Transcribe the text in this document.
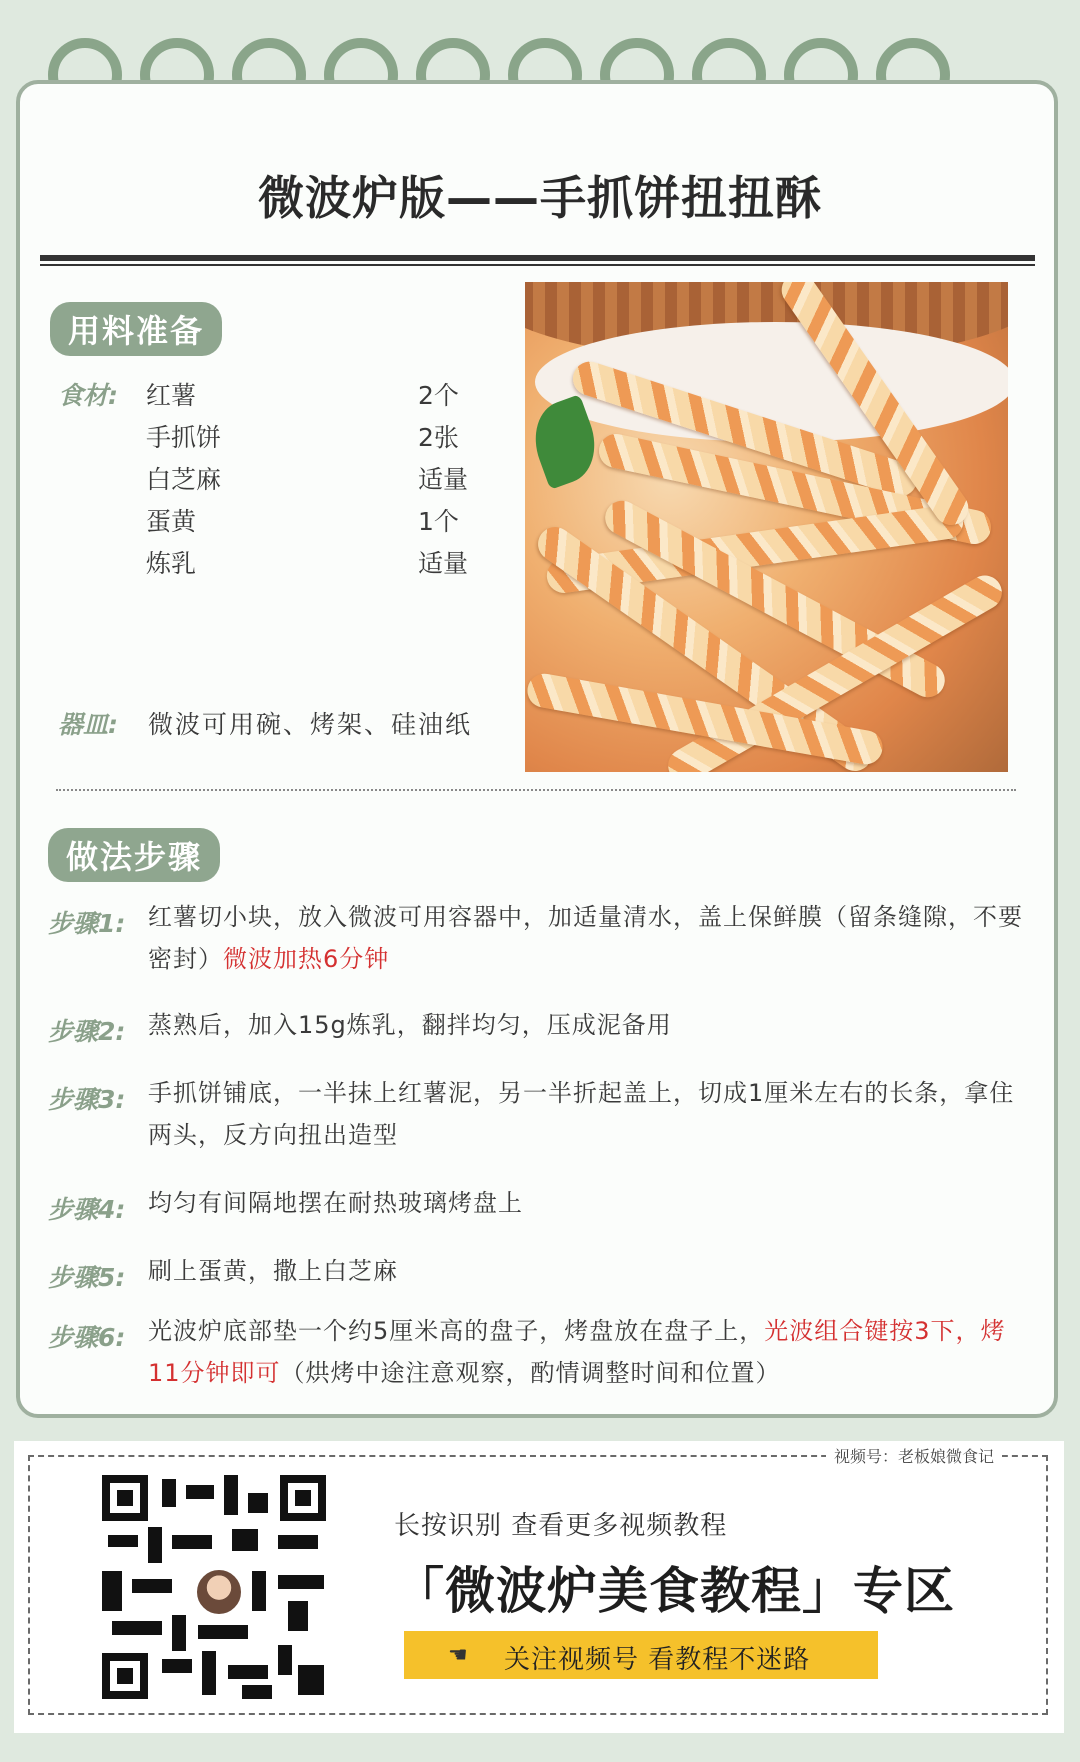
微波炉版——手抓饼扭扭酥
用料准备
食材: 红薯	2个
手抓饼	2张
白芝麻	适量
蛋黄	1个
炼乳	适量
器皿: 微波可用碗、烤架、硅油纸
做法步骤
步骤1: 红薯切小块，放入微波可用容器中，加适量清水，盖上保鲜膜（留条缝隙，不要密封）微波加热6分钟
步骤2: 蒸熟后，加入15g炼乳，翻拌均匀，压成泥备用
步骤3: 手抓饼铺底，一半抹上红薯泥，另一半折起盖上，切成1厘米左右的长条，拿住两头，反方向扭出造型
步骤4: 均匀有间隔地摆在耐热玻璃烤盘上
步骤5: 刷上蛋黄，撒上白芝麻
步骤6: 光波炉底部垫一个约5厘米高的盘子，烤盘放在盘子上，光波组合键按3下，烤11分钟即可（烘烤中途注意观察，酌情调整时间和位置）
视频号：老板娘微食记
长按识别 查看更多视频教程
「微波炉美食教程」专区
☚ 关注视频号 看教程不迷路
